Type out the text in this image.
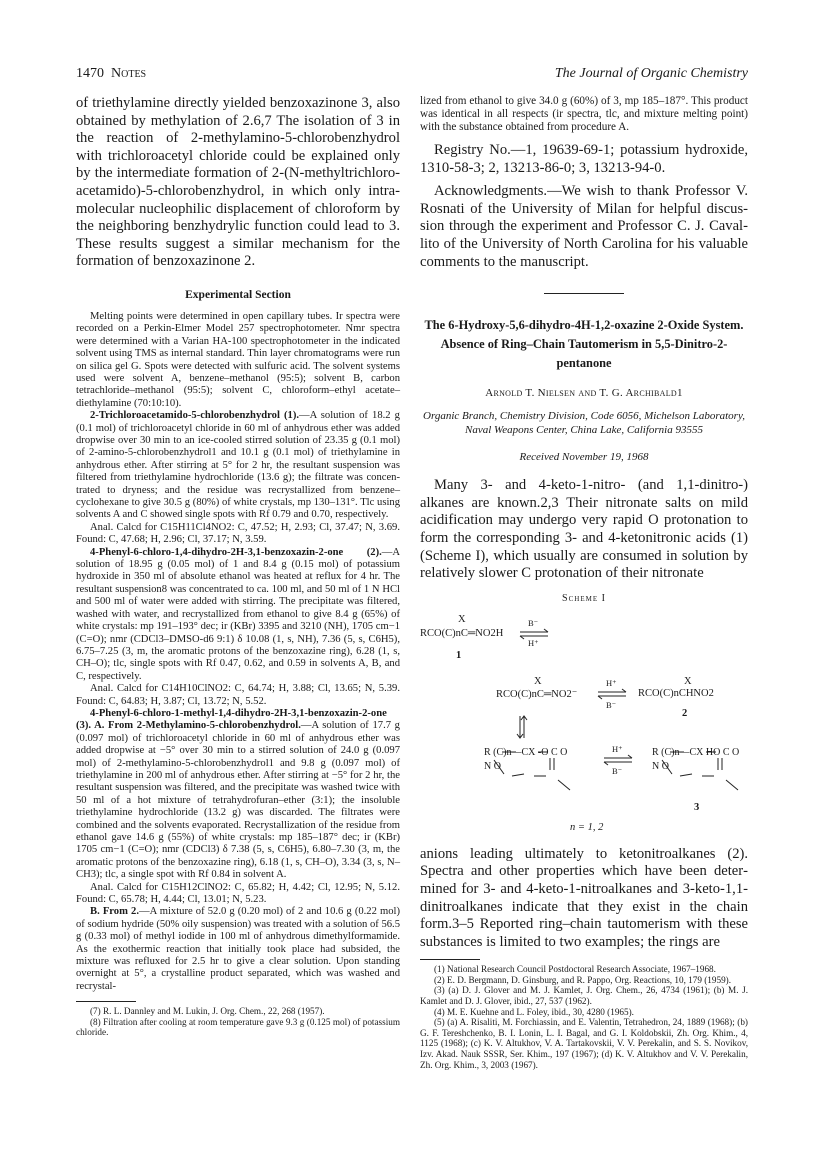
1470 Notes	The Journal of Organic Chemistry

of triethylamine directly yielded benzoxazinone 3, also obtained by methylation of 2.6,7 The isolation of 3 in the reaction of 2-methylamino-5-chlorobenzhydrol with trichloroacetyl chloride could be explained only by the intermediate formation of 2-(N-methyltrichloroacetamido)-5-chlorobenzhydrol, in which only intramolecular nucleophilic displacement of chloroform by the neighboring benzhydrylic function could lead to 3. These results suggest a similar mechanism for the formation of benzoxazinone 2.

Experimental Section

Melting points were determined in open capillary tubes. Ir spectra were recorded on a Perkin-Elmer Model 257 spectrophotometer. Nmr spectra were determined with a Varian HA-100 spectrophotometer in the indicated solvent using TMS as internal standard. Thin layer chromatograms were run on silica gel G. Spots were detected with sulfuric acid. The solvent systems used were solvent A, benzene–methanol (95:5); solvent B, carbon tetrachloride–methanol (95:5); solvent C, chloroform–ethyl acetate–diethylamine (70:10:10).

2-Trichloroacetamido-5-chlorobenzhydrol (1).—A solution of 18.2 g (0.1 mol) of trichloroacetyl chloride in 60 ml of anhydrous ether was added dropwise over 30 min to an ice-cooled stirred solution of 23.35 g (0.1 mol) of 2-amino-5-chlorobenzhydrol1 and 10.1 g (0.1 mol) of triethylamine in anhydrous ether. After stirring at 5° for 2 hr, the resultant suspension was filtered from triethylamine hydrochloride (13.6 g); the filtrate was concentrated to dryness; and the residue was recrystallized from benzene–cyclohexane to give 30.5 g (80%) of white crystals, mp 130–131°. Tlc using solvents A and C showed single spots with Rf 0.79 and 0.70, respectively.

Anal. Calcd for C15H11Cl4NO2: C, 47.52; H, 2.93; Cl, 37.47; N, 3.69. Found: C, 47.68; H, 2.96; Cl, 37.17; N, 3.59.

4-Phenyl-6-chloro-1,4-dihydro-2H-3,1-benzoxazin-2-one (2).—A solution of 18.95 g (0.05 mol) of 1 and 8.4 g (0.15 mol) of potassium hydroxide in 350 ml of absolute ethanol was heated at reflux for 4 hr. The resultant suspension8 was concentrated to ca. 100 ml, and 50 ml of 1 N HCl and 500 ml of water were added with stirring. The precipitate was filtered, washed with water, and recrystallized from ethanol to give 8.4 g (65%) of white crystals: mp 191–193° dec; ir (KBr) 3395 and 3210 (NH), 1705 cm−1 (C=O); nmr (CDCl3–DMSO-d6 9:1) δ 10.08 (1, s, NH), 7.36 (5, s, C6H5), 6.75–7.25 (3, m, the aromatic protons of the benzoxazine ring), 6.28 (1, s, CH–O); tlc, single spots with Rf 0.47, 0.62, and 0.59 in solvents A, B, and C, respectively.

Anal. Calcd for C14H10ClNO2: C, 64.74; H, 3.88; Cl, 13.65; N, 5.39. Found: C, 64.83; H, 3.87; Cl, 13.72; N, 5.52.

4-Phenyl-6-chloro-1-methyl-1,4-dihydro-2H-3,1-benzoxazin-2-one (3). A. From 2-Methylamino-5-chlorobenzhydrol.—A solution of 17.7 g (0.097 mol) of trichloroacetyl chloride in 60 ml of anhydrous ether was added dropwise at −5° over 30 min to a stirred solution of 24.0 g (0.097 mol) of 2-methylamino-5-chlorobenzhydrol1 and 9.8 g (0.097 mol) of triethylamine in 200 ml of anhydrous ether. After stirring at −5° for 2 hr, the resultant suspension was filtered, and the precipitate was washed twice with 50 ml of a hot mixture of tetrahydrofuran–ether (3:1); the insoluble triethylamine hydrochloride (13.2 g) was discarded. The filtrates were combined and the solvents evaporated. Recrystallization of the residue from ethanol gave 14.6 g (55%) of white crystals: mp 185–187° dec; ir (KBr) 1705 cm−1 (C=O); nmr (CDCl3) δ 7.38 (5, s, C6H5), 6.80–7.30 (3, m, the aromatic protons of the benzoxazine ring), 6.18 (1, s, CH–O), 3.34 (3, s, N–CH3); tlc, a single spot with Rf 0.84 in solvent A.

Anal. Calcd for C15H12ClNO2: C, 65.82; H, 4.42; Cl, 12.95; N, 5.12. Found: C, 65.78; H, 4.44; Cl, 13.01; N, 5.23.

B. From 2.—A mixture of 52.0 g (0.20 mol) of 2 and 10.6 g (0.22 mol) of sodium hydride (50% oily suspension) was treated with a solution of 56.5 g (0.33 mol) of methyl iodide in 100 ml of anhydrous dimethylformamide. As the exothermic reaction that initially took place had subsided, the mixture was refluxed for 2.5 hr to give a clear solution. Upon standing overnight at 5°, a crystalline product separated, which was washed and recrystal-

(7) R. L. Dannley and M. Lukin, J. Org. Chem., 22, 268 (1957).

(8) Filtration after cooling at room temperature gave 9.3 g (0.125 mol) of potassium chloride.

lized from ethanol to give 34.0 g (60%) of 3, mp 185–187°. This product was identical in all respects (ir spectra, tlc, and mixture melting point) with the substance obtained from procedure A.

Registry No.—1, 19639-69-1; potassium hydroxide, 1310-58-3; 2, 13213-86-0; 3, 13213-94-0.

Acknowledgments.—We wish to thank Professor V. Rosnati of the University of Milan for helpful discussion through the experiment and Professor C. J. Cavallito of the University of North Carolina for his valuable comments to the manuscript.

The 6-Hydroxy-5,6-dihydro-4H-1,2-oxazine 2-Oxide System. Absence of Ring–Chain Tautomerism in 5,5-Dinitro-2-pentanone
Arnold T. Nielsen and T. G. Archibald1
Organic Branch, Chemistry Division, Code 6056, Michelson Laboratory, Naval Weapons Center, China Lake, California 93555
Received November 19, 1968

Many 3- and 4-keto-1-nitro- (and 1,1-dinitro-) alkanes are known.2,3 Their nitronate salts on mild acidification may undergo very rapid O protonation to form the corresponding 3- and 4-ketonitronic acids (1) (Scheme I), which usually are consumed in solution by relatively slower C protonation of their nitronate

Scheme I
X
RCO(C)nC═NO2H
B⁻
H⁺
1
X
RCO(C)nC═NO2⁻
H⁺
B⁻
X
RCO(C)nCHNO2
2
R (C)n—CX -O C O N O
H⁺
B⁻
R (C)n—CX HO C O N O
3
n = 1, 2

anions leading ultimately to ketonitroalkanes (2). Spectra and other properties which have been determined for 3- and 4-keto-1-nitroalkanes and 3-keto-1,1-dinitroalkanes indicate that they exist in the chain form.3–5 Reported ring–chain tautomerism with these substances is limited to two examples; the rings are

(1) National Research Council Postdoctoral Research Associate, 1967–1968.

(2) E. D. Bergmann, D. Ginsburg, and R. Pappo, Org. Reactions, 10, 179 (1959).

(3) (a) D. J. Glover and M. J. Kamlet, J. Org. Chem., 26, 4734 (1961); (b) M. J. Kamlet and D. J. Glover, ibid., 27, 537 (1962).

(4) M. E. Kuehne and L. Foley, ibid., 30, 4280 (1965).

(5) (a) A. Risaliti, M. Forchiassin, and E. Valentin, Tetrahedron, 24, 1889 (1968); (b) G. F. Tereshchenko, B. I. Lonin, L. I. Bagal, and G. I. Koldobskii, Zh. Org. Khim., 4, 1125 (1968); (c) K. V. Altukhov, V. A. Tartakovskii, V. V. Perekalin, and S. S. Novikov, Izv. Akad. Nauk SSSR, Ser. Khim., 197 (1967); (d) K. V. Altukhov and V. V. Perekalin, Zh. Org. Khim., 3, 2003 (1967).
